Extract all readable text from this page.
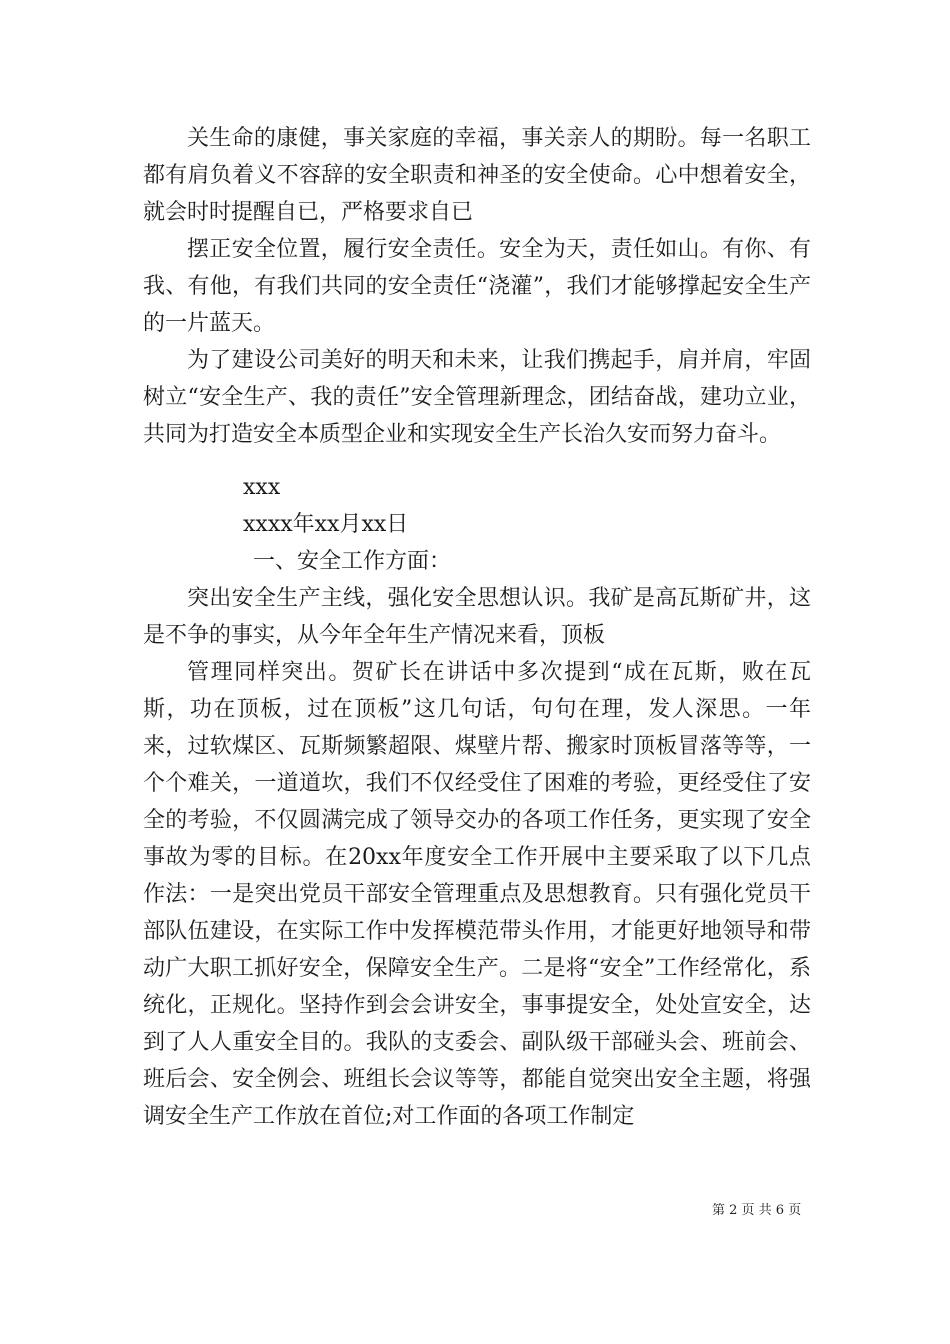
关生命的康健，事关家庭的幸福，事关亲人的期盼。每一名职工都有肩负着义不容辞的安全职责和神圣的安全使命。心中想着安全，就会时时提醒自已，严格要求自已

摆正安全位置，履行安全责任。安全为天，责任如山。有你、有我、有他，有我们共同的安全责任“浇灌”，我们才能够撑起安全生产的一片蓝天。

为了建设公司美好的明天和未来，让我们携起手，肩并肩，牢固树立“安全生产、我的责任”安全管理新理念，团结奋战，建功立业，共同为打造安全本质型企业和实现安全生产长治久安而努力奋斗。

xxx

xxxx年xx月xx日

一、安全工作方面：

突出安全生产主线，强化安全思想认识。我矿是高瓦斯矿井，这是不争的事实，从今年全年生产情况来看，顶板

管理同样突出。贺矿长在讲话中多次提到“成在瓦斯，败在瓦斯，功在顶板，过在顶板”这几句话，句句在理，发人深思。一年来，过软煤区、瓦斯频繁超限、煤壁片帮、搬家时顶板冒落等等，一个个难关，一道道坎，我们不仅经受住了困难的考验，更经受住了安全的考验，不仅圆满完成了领导交办的各项工作任务，更实现了安全事故为零的目标。在20xx年度安全工作开展中主要采取了以下几点作法：一是突出党员干部安全管理重点及思想教育。只有强化党员干部队伍建设，在实际工作中发挥模范带头作用，才能更好地领导和带动广大职工抓好安全，保障安全生产。二是将“安全”工作经常化，系统化，正规化。坚持作到会会讲安全，事事提安全，处处宣安全，达到了人人重安全目的。我队的支委会、副队级干部碰头会、班前会、班后会、安全例会、班组长会议等等，都能自觉突出安全主题，将强调安全生产工作放在首位;对工作面的各项工作制定

第 2 页 共 6 页
